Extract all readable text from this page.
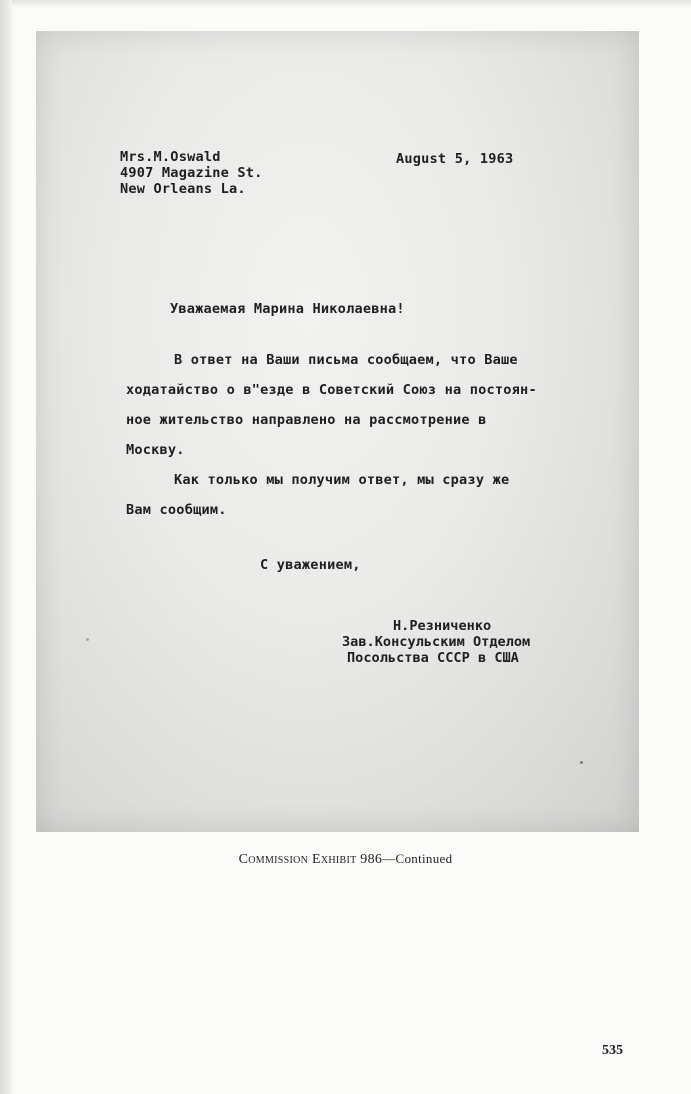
Mrs.M.Oswald
4907 Magazine St.
New Orleans La.
August 5, 1963
Уважаемая Марина Николаевна!
В ответ на Ваши письма сообщаем, что Ваше
ходатайство о в"езде в Советский Союз на постоян-
ное жительство направлено на рассмотрение в
Москву.
Как только мы получим ответ, мы сразу же
Вам сообщим.
С уважением,
Н.Резниченко
Зав.Консульским Отделом
Посольства СССР в США
Commission Exhibit 986—Continued
535
